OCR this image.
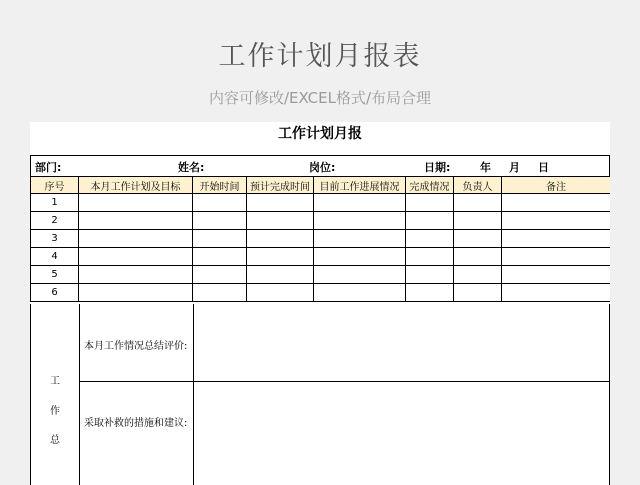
工作计划月报表
内容可修改/EXCEL格式/布局合理
工作计划月报
部门:	姓名:	岗位:	日期:	年 月 日
序号	本月工作计划及目标	开始时间	预计完成时间	目前工作进展情况	完成情况	负责人	备注
1							
2							
3							
4							
5							
6							
工
作
总
本月工作情况总结评价:
采取补救的措施和建议:
